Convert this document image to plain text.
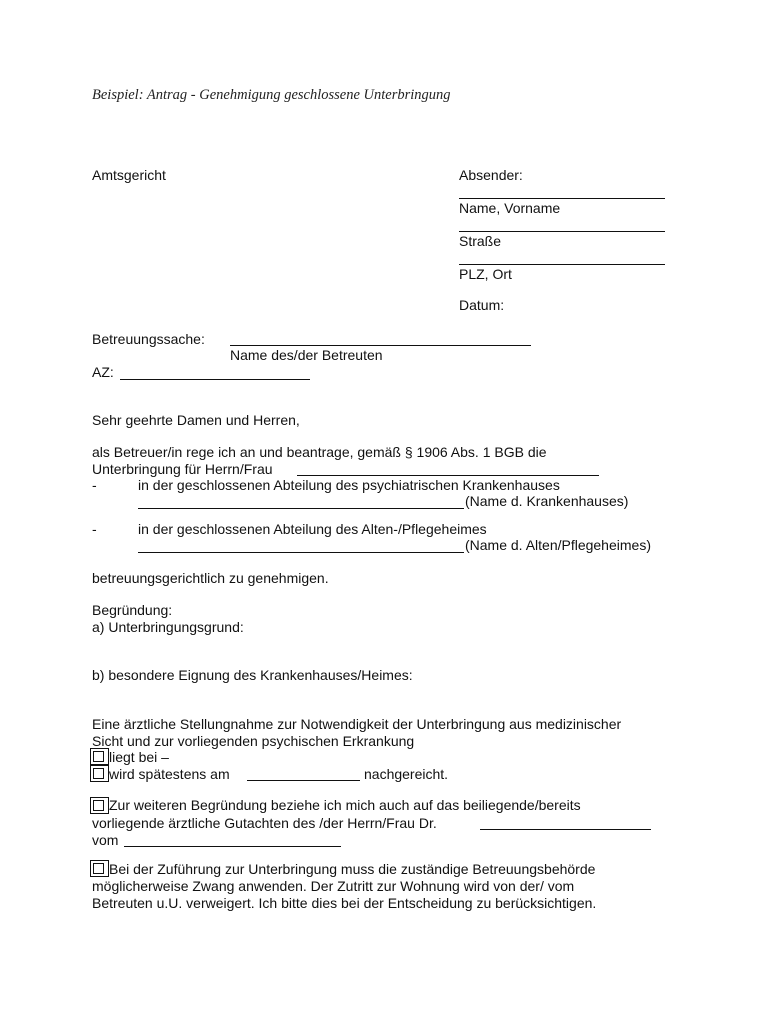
Beispiel: Antrag - Genehmigung geschlossene Unterbringung
Amtsgericht	Absender:
Name, Vorname
Straße
PLZ, Ort
Datum:
Betreuungssache:
Name des/der Betreuten
AZ:
Sehr geehrte Damen und Herren,
als Betreuer/in rege ich an und beantrage, gemäß § 1906 Abs. 1 BGB die
Unterbringung für Herrn/Frau
-	in der geschlossenen Abteilung des psychiatrischen Krankenhauses
(Name d. Krankenhauses)
-	in der geschlossenen Abteilung des Alten-/Pflegeheimes
(Name d. Alten/Pflegeheimes)
betreuungsgerichtlich zu genehmigen.
Begründung:
a) Unterbringungsgrund:
b) besondere Eignung des Krankenhauses/Heimes:
Eine ärztliche Stellungnahme zur Notwendigkeit der Unterbringung aus medizinischer
Sicht und zur vorliegenden psychischen Erkrankung
liegt bei –
wird spätestens am	nachgereicht.
Zur weiteren Begründung beziehe ich mich auch auf das beiliegende/bereits
vorliegende ärztliche Gutachten des /der Herrn/Frau Dr.
vom
Bei der Zuführung zur Unterbringung muss die zuständige Betreuungsbehörde
möglicherweise Zwang anwenden. Der Zutritt zur Wohnung wird von der/ vom
Betreuten u.U. verweigert. Ich bitte dies bei der Entscheidung zu berücksichtigen.
